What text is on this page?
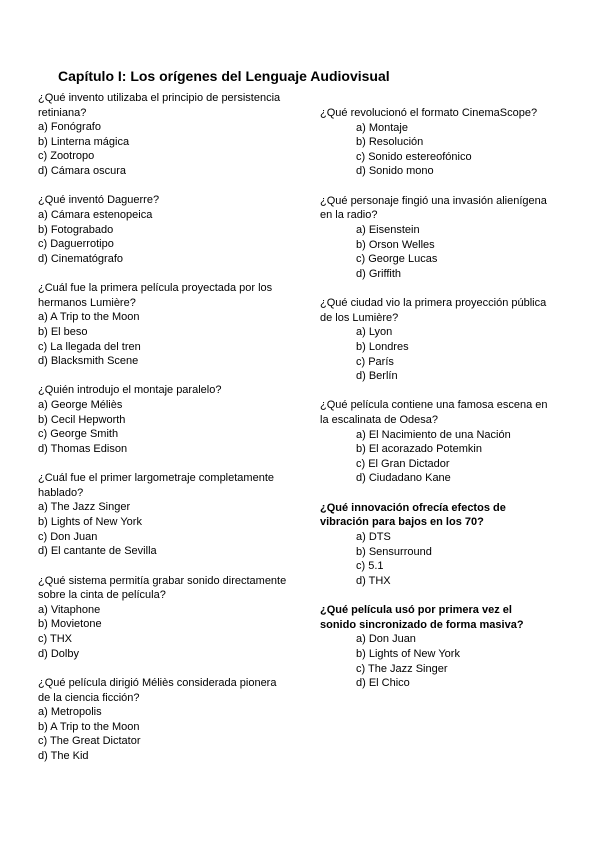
Capítulo I: Los orígenes del Lenguaje Audiovisual
¿Qué invento utilizaba el principio de persistencia retiniana?
a) Fonógrafo
b) Linterna mágica
c) Zootropo
d) Cámara oscura
¿Qué inventó Daguerre?
a) Cámara estenopeica
b) Fotograbado
c) Daguerrotipo
d) Cinematógrafo
¿Cuál fue la primera película proyectada por los hermanos Lumière?
a) A Trip to the Moon
b) El beso
c) La llegada del tren
d) Blacksmith Scene
¿Quién introdujo el montaje paralelo?
a) George Méliès
b) Cecil Hepworth
c) George Smith
d) Thomas Edison
¿Cuál fue el primer largometraje completamente hablado?
a) The Jazz Singer
b) Lights of New York
c) Don Juan
d) El cantante de Sevilla
¿Qué sistema permitía grabar sonido directamente sobre la cinta de película?
a) Vitaphone
b) Movietone
c) THX
d) Dolby
¿Qué película dirigió Méliès considerada pionera de la ciencia ficción?
a) Metropolis
b) A Trip to the Moon
c) The Great Dictator
d) The Kid
¿Qué revolucionó el formato CinemaScope?
a) Montaje
b) Resolución
c) Sonido estereofónico
d) Sonido mono
¿Qué personaje fingió una invasión alienígena en la radio?
a) Eisenstein
b) Orson Welles
c) George Lucas
d) Griffith
¿Qué ciudad vio la primera proyección pública de los Lumière?
a) Lyon
b) Londres
c) París
d) Berlín
¿Qué película contiene una famosa escena en la escalinata de Odesa?
a) El Nacimiento de una Nación
b) El acorazado Potemkin
c) El Gran Dictador
d) Ciudadano Kane
¿Qué innovación ofrecía efectos de vibración para bajos en los 70?
a) DTS
b) Sensurround
c) 5.1
d) THX
¿Qué película usó por primera vez el sonido sincronizado de forma masiva?
a) Don Juan
b) Lights of New York
c) The Jazz Singer
d) El Chico
